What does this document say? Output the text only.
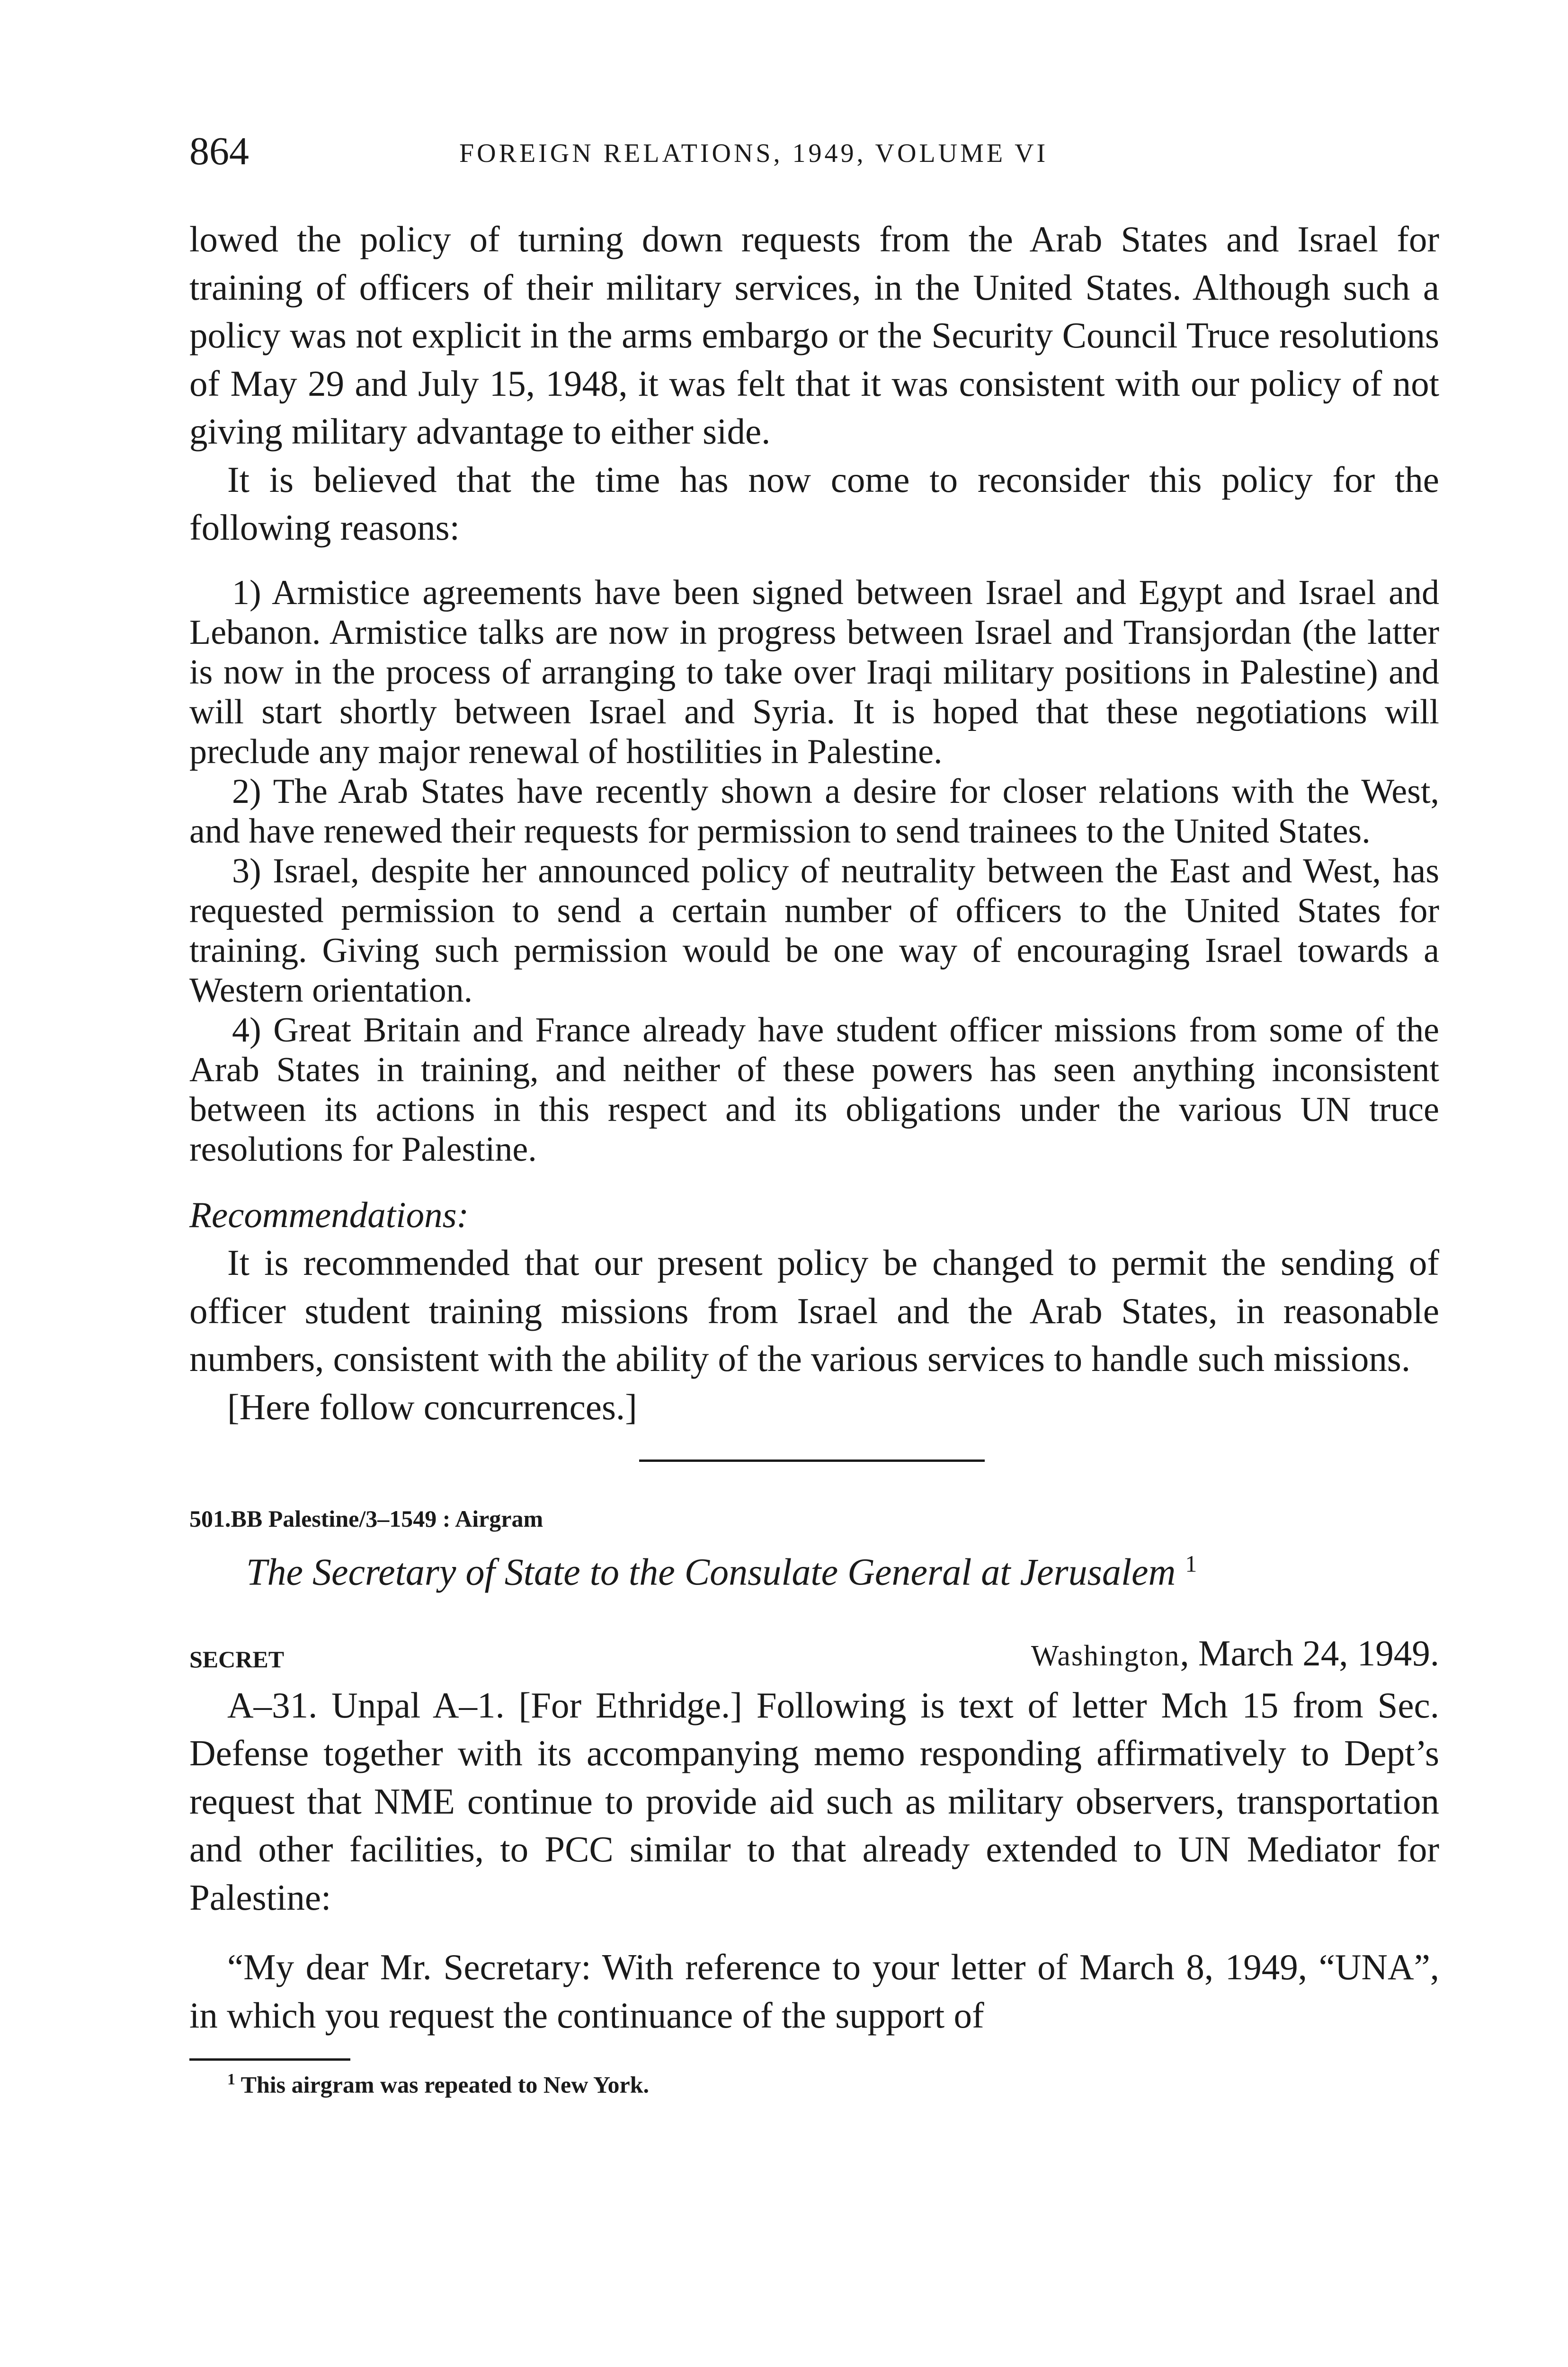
864	FOREIGN RELATIONS, 1949, VOLUME VI

lowed the policy of turning down requests from the Arab States and Israel for training of officers of their military services, in the United States. Although such a policy was not explicit in the arms embargo or the Security Council Truce resolutions of May 29 and July 15, 1948, it was felt that it was consistent with our policy of not giving military advantage to either side.

It is believed that the time has now come to reconsider this policy for the following reasons:

1) Armistice agreements have been signed between Israel and Egypt and Israel and Lebanon. Armistice talks are now in progress between Israel and Transjordan (the latter is now in the process of arranging to take over Iraqi military positions in Palestine) and will start shortly between Israel and Syria. It is hoped that these negotiations will preclude any major renewal of hostilities in Palestine.

2) The Arab States have recently shown a desire for closer relations with the West, and have renewed their requests for permission to send trainees to the United States.

3) Israel, despite her announced policy of neutrality between the East and West, has requested permission to send a certain number of officers to the United States for training. Giving such permission would be one way of encouraging Israel towards a Western orientation.

4) Great Britain and France already have student officer missions from some of the Arab States in training, and neither of these powers has seen anything inconsistent between its actions in this respect and its obligations under the various UN truce resolutions for Palestine.

Recommendations:

It is recommended that our present policy be changed to permit the sending of officer student training missions from Israel and the Arab States, in reasonable numbers, consistent with the ability of the various services to handle such missions.

[Here follow concurrences.]

501.BB Palestine/3–1549 : Airgram

The Secretary of State to the Consulate General at Jerusalem $^1$

SECRET	Washington, March 24, 1949.

A–31. Unpal A–1. [For Ethridge.] Following is text of letter Mch 15 from Sec. Defense together with its accompanying memo responding affirmatively to Dept’s request that NME continue to provide aid such as military observers, transportation and other facilities, to PCC similar to that already extended to UN Mediator for Palestine:

“My dear Mr. Secretary: With reference to your letter of March 8, 1949, “UNA”, in which you request the continuance of the support of

$^1$ This airgram was repeated to New York.
